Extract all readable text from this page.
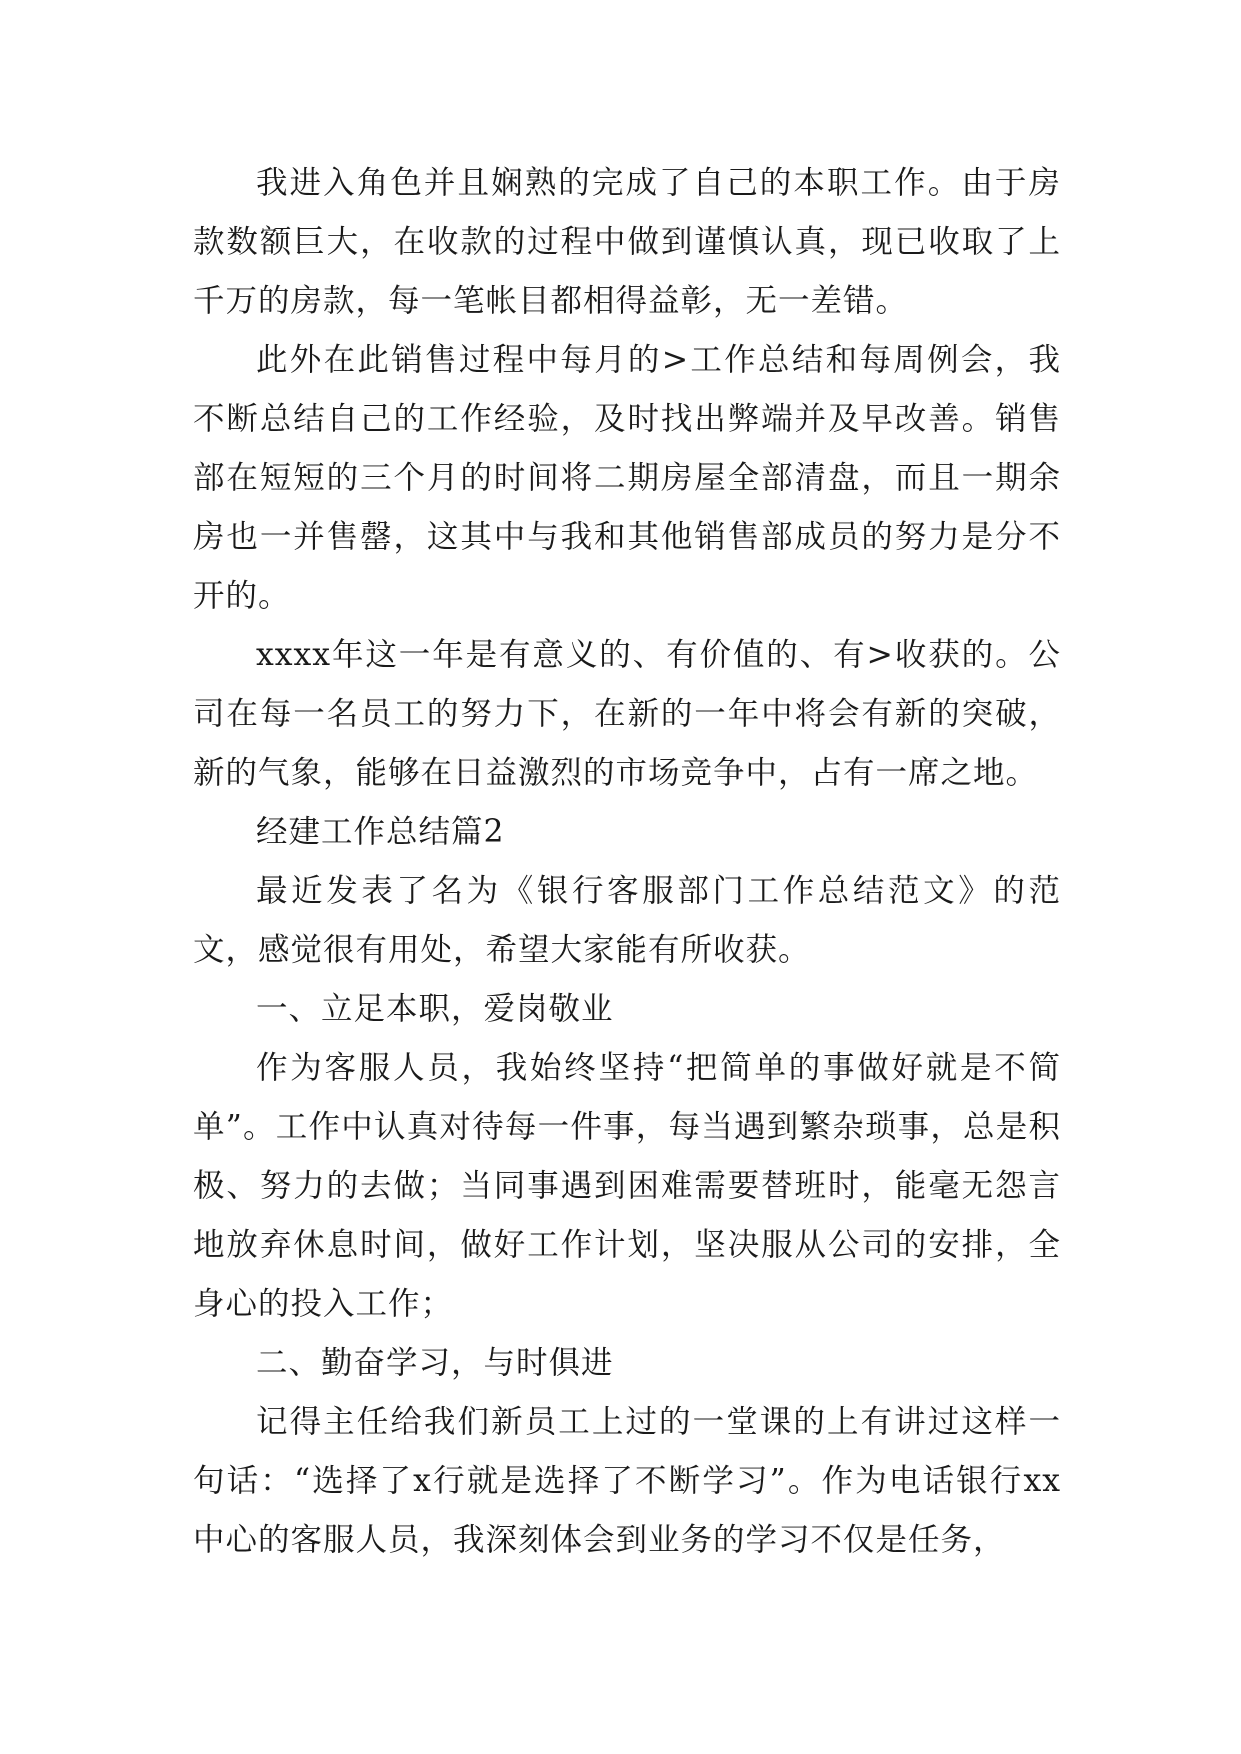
我进入角色并且娴熟的完成了自己的本职工作。由于房款数额巨大，在收款的过程中做到谨慎认真，现已收取了上千万的房款，每一笔帐目都相得益彰，无一差错。

此外在此销售过程中每月的>工作总结和每周例会，我不断总结自己的工作经验，及时找出弊端并及早改善。销售部在短短的三个月的时间将二期房屋全部清盘，而且一期余房也一并售罄，这其中与我和其他销售部成员的努力是分不开的。

xxxx年这一年是有意义的、有价值的、有>收获的。公司在每一名员工的努力下，在新的一年中将会有新的突破，新的气象，能够在日益激烈的市场竞争中，占有一席之地。

经建工作总结篇2

最近发表了名为《银行客服部门工作总结范文》的范文，感觉很有用处，希望大家能有所收获。

一、立足本职，爱岗敬业

作为客服人员，我始终坚持“把简单的事做好就是不简单”。工作中认真对待每一件事，每当遇到繁杂琐事，总是积极、努力的去做；当同事遇到困难需要替班时，能毫无怨言地放弃休息时间，做好工作计划，坚决服从公司的安排，全身心的投入工作；

二、勤奋学习，与时俱进

记得主任给我们新员工上过的一堂课的上有讲过这样一句话：“选择了x行就是选择了不断学习”。作为电话银行xx中心的客服人员，我深刻体会到业务的学习不仅是任务，
